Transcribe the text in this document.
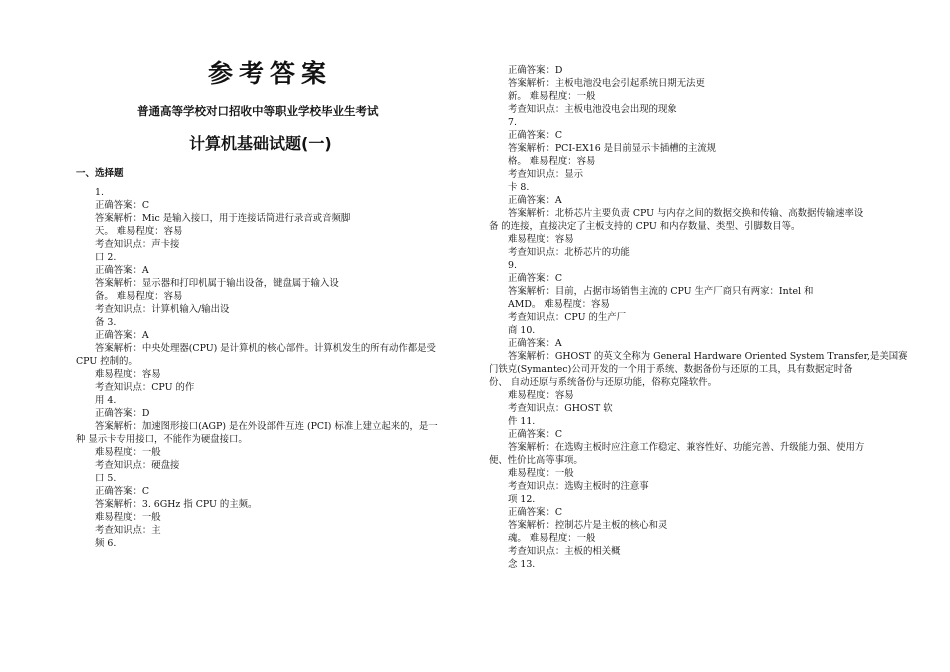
参考答案
普通高等学校对口招收中等职业学校毕业生考试
计算机基础试题(一)
一、选择题
1.
正确答案：C
答案解析：Mic 是输入接口，用于连接话筒进行录音或音频脚
天。 难易程度：容易
考查知识点：声卡接
口 2.
正确答案：A
答案解析：显示器和打印机属于输出设备，键盘属于输入设
备。 难易程度：容易
考查知识点：计算机输入/输出设
备 3.
正确答案：A
答案解析：中央处理器(CPU) 是计算机的核心部件。计算机发生的所有动作都是受
CPU 控制的。
难易程度：容易
考查知识点：CPU 的作
用 4.
正确答案：D
答案解析：加速图形接口(AGP) 是在外设部件互连 (PCI) 标准上建立起来的，是一
种 显示卡专用接口，不能作为硬盘接口。
难易程度：一般
考查知识点：硬盘接
口 5.
正确答案：C
答案解析：3. 6GHz 指 CPU 的主频。
难易程度：一般
考查知识点：主
频 6.
正确答案：D
答案解析：主板电池没电会引起系统日期无法更
新。 难易程度：一般
考查知识点：主板电池没电会出现的现象
7.
正确答案：C
答案解析：PCI-EX16 是目前显示卡插槽的主流规
格。 难易程度：容易
考查知识点：显示
卡 8.
正确答案：A
答案解析：北桥芯片主要负责 CPU 与内存之间的数据交换和传输、高数据传输速率设
备 的连接，直接决定了主板支持的 CPU 和内存数量、类型、引脚数目等。
难易程度：容易
考查知识点：北桥芯片的功能
9.
正确答案：C
答案解析：目前，占据市场销售主流的 CPU 生产厂商只有两家：Intel 和
AMD。 难易程度：容易
考查知识点：CPU 的生产厂
商 10.
正确答案：A
答案解析：GHOST 的英文全称为 General Hardware Oriented System Transfer,是美国赛
门铁克(Symantec)公司开发的一个用于系统、数据备份与还原的工具，具有数据定时备
份、 自动还原与系统备份与还原功能，俗称克隆软件。
难易程度：容易
考查知识点：GHOST 软
件 11.
正确答案：C
答案解析：在选购主板时应注意工作稳定、兼容性好、功能完善、升级能力强、使用方
便、性价比高等事项。
难易程度：一般
考查知识点：选购主板时的注意事
项 12.
正确答案：C
答案解析：控制芯片是主板的核心和灵
魂。 难易程度：一般
考查知识点：主板的相关概
念 13.
